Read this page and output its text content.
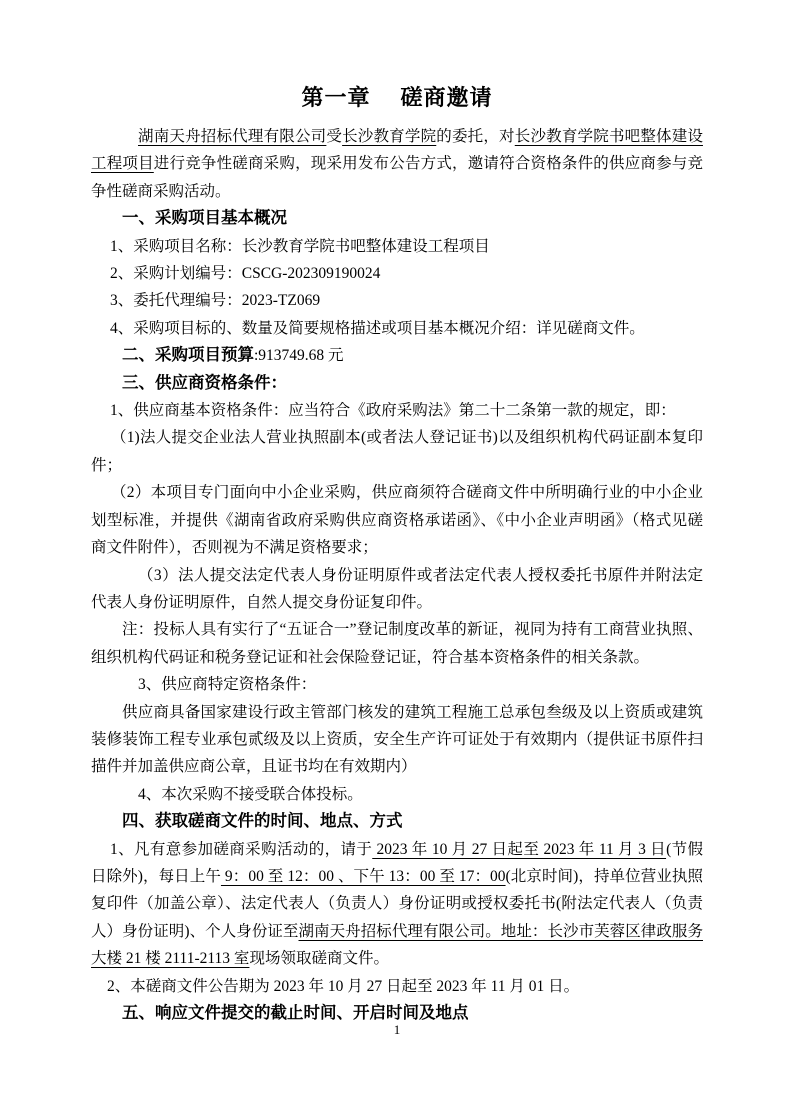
第一章　 磋商邀请

湖南天舟招标代理有限公司受长沙教育学院的委托，对长沙教育学院书吧整体建设工程项目进行竞争性磋商采购，现采用发布公告方式，邀请符合资格条件的供应商参与竞争性磋商采购活动。

一、采购项目基本概况

1、采购项目名称：长沙教育学院书吧整体建设工程项目

2、采购计划编号：CSCG-202309190024

3、委托代理编号：2023-TZ069

4、采购项目标的、数量及简要规格描述或项目基本概况介绍：详见磋商文件。

二、采购项目预算:913749.68 元

三、供应商资格条件：

1、供应商基本资格条件：应当符合《政府采购法》第二十二条第一款的规定，即：

（1)法人提交企业法人营业执照副本(或者法人登记证书)以及组织机构代码证副本复印件；

（2）本项目专门面向中小企业采购，供应商须符合磋商文件中所明确行业的中小企业划型标准，并提供《湖南省政府采购供应商资格承诺函》、《中小企业声明函》（格式见磋商文件附件），否则视为不满足资格要求；

（3）法人提交法定代表人身份证明原件或者法定代表人授权委托书原件并附法定代表人身份证明原件，自然人提交身份证复印件。

注：投标人具有实行了“五证合一”登记制度改革的新证，视同为持有工商营业执照、组织机构代码证和税务登记证和社会保险登记证，符合基本资格条件的相关条款。

3、供应商特定资格条件：

供应商具备国家建设行政主管部门核发的建筑工程施工总承包叁级及以上资质或建筑装修装饰工程专业承包贰级及以上资质，安全生产许可证处于有效期内（提供证书原件扫描件并加盖供应商公章，且证书均在有效期内）

4、本次采购不接受联合体投标。

四、获取磋商文件的时间、地点、方式

1、凡有意参加磋商采购活动的，请于 2023 年 10 月 27 日起至 2023 年 11 月 3 日(节假日除外)，每日上午 9：00 至 12：00 、下午 13：00 至 17：00(北京时间)，持单位营业执照复印件（加盖公章）、法定代表人（负责人）身份证明或授权委托书(附法定代表人（负责人）身份证明)、个人身份证至湖南天舟招标代理有限公司。地址：长沙市芙蓉区律政服务大楼 21 楼 2111-2113 室现场领取磋商文件。

2、本磋商文件公告期为 2023 年 10 月 27 日起至 2023 年 11 月 01 日。

五、响应文件提交的截止时间、开启时间及地点

1
